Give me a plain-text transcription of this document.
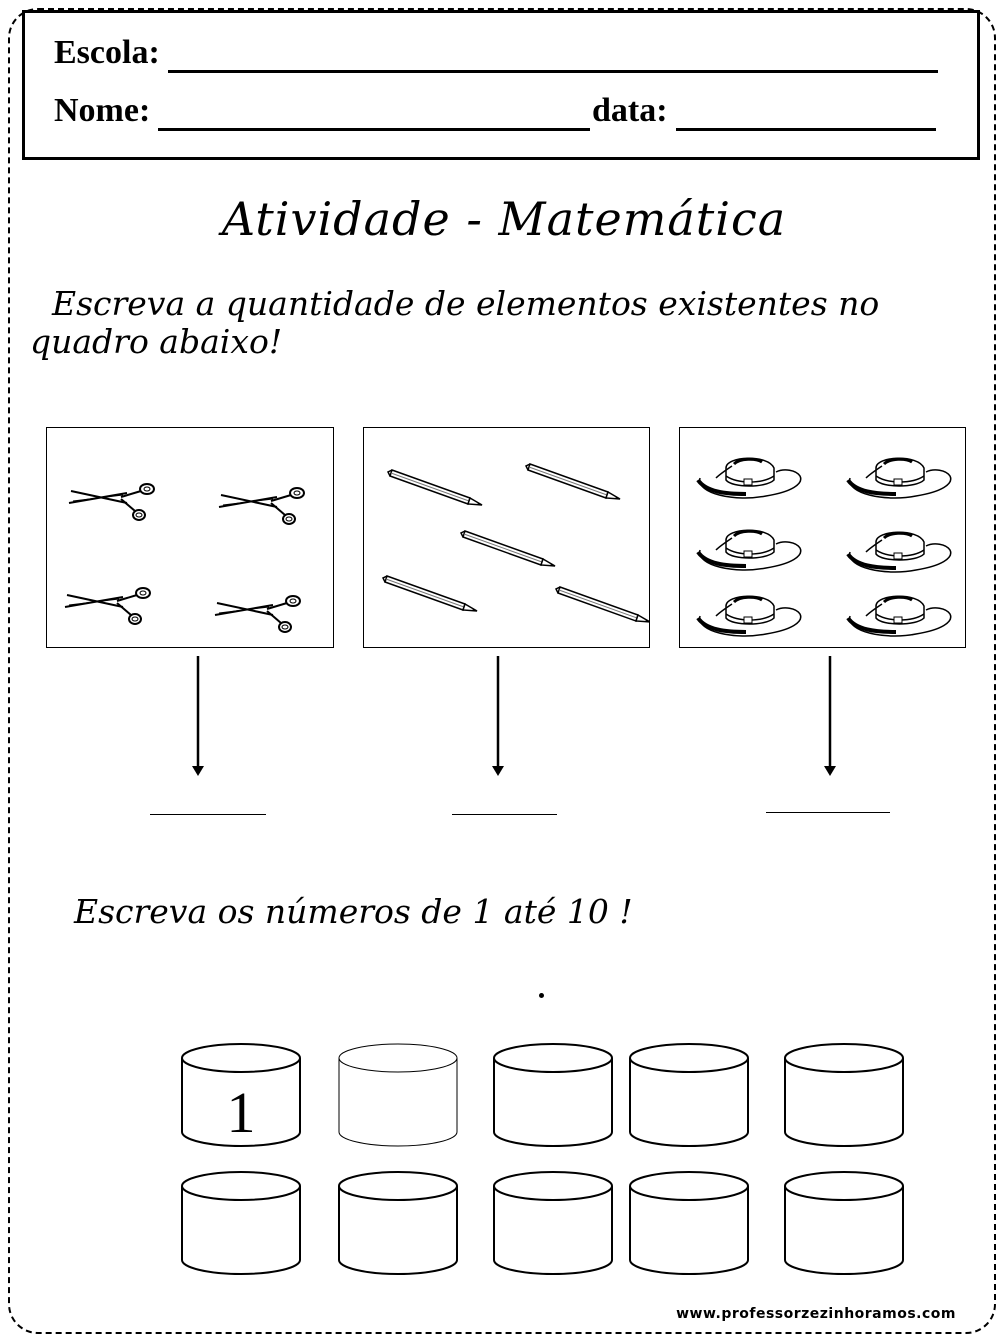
Escola:
Nome:	data:
Atividade - Matemática
Escreva a quantidade de elementos existentes no
quadro abaixo!
Escreva os números de 1 até 10 !
1
www.professorzezinhoramos.com
